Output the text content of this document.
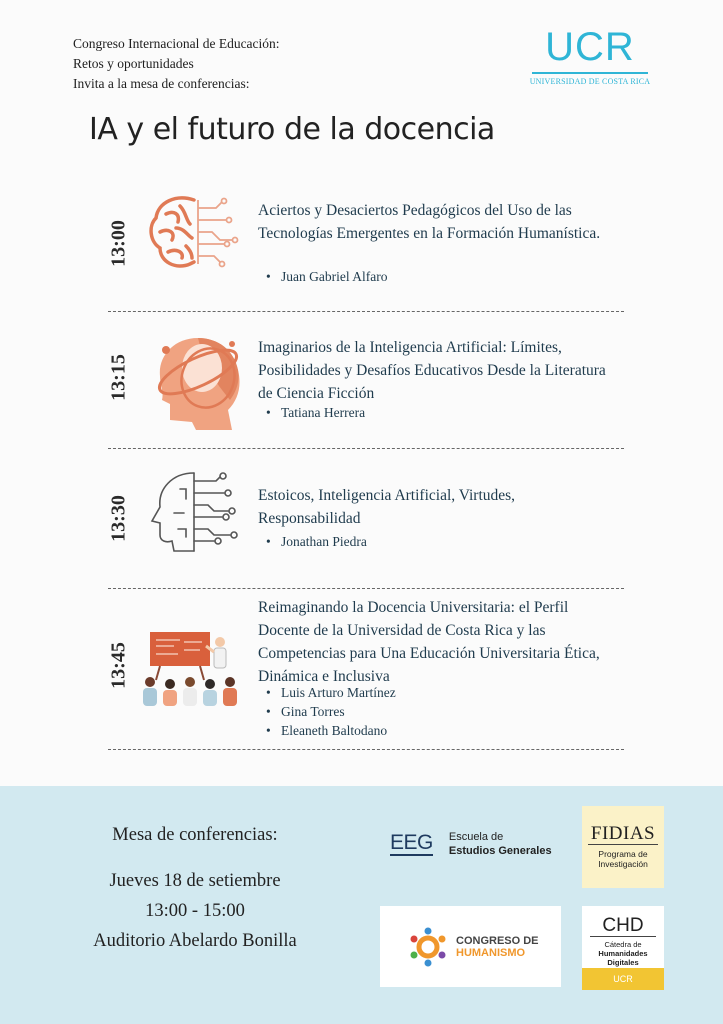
Congreso Internacional de Educación:
Retos y oportunidades
Invita a la mesa de conferencias:
UCR
UNIVERSIDAD DE COSTA RICA
IA y el futuro de la docencia
13:00
Aciertos y Desaciertos Pedagógicos del Uso de las Tecnologías Emergentes en la Formación Humanística.
• Juan Gabriel Alfaro
13:15
Imaginarios de la Inteligencia Artificial: Límites, Posibilidades y Desafíos Educativos Desde la Literatura de Ciencia Ficción
• Tatiana Herrera
13:30	Estoicos, Inteligencia Artificial, Virtudes, Responsabilidad
• Jonathan Piedra
13:45
Reimaginando la Docencia Universitaria: el Perfil Docente de la Universidad de Costa Rica y las Competencias para Una Educación Universitaria Ética, Dinámica e Inclusiva
• Luis Arturo Martínez
• Gina Torres
• Eleaneth Baltodano
Mesa de conferencias:
Jueves 18 de setiembre
13:00 - 15:00
Auditorio Abelardo Bonilla
EEG Escuela de
Estudios Generales
FIDIAS
Programa de
Investigación
CONGRESO DE
HUMANISMO
CHD
Cátedra de
Humanidades Digitales
UCR
